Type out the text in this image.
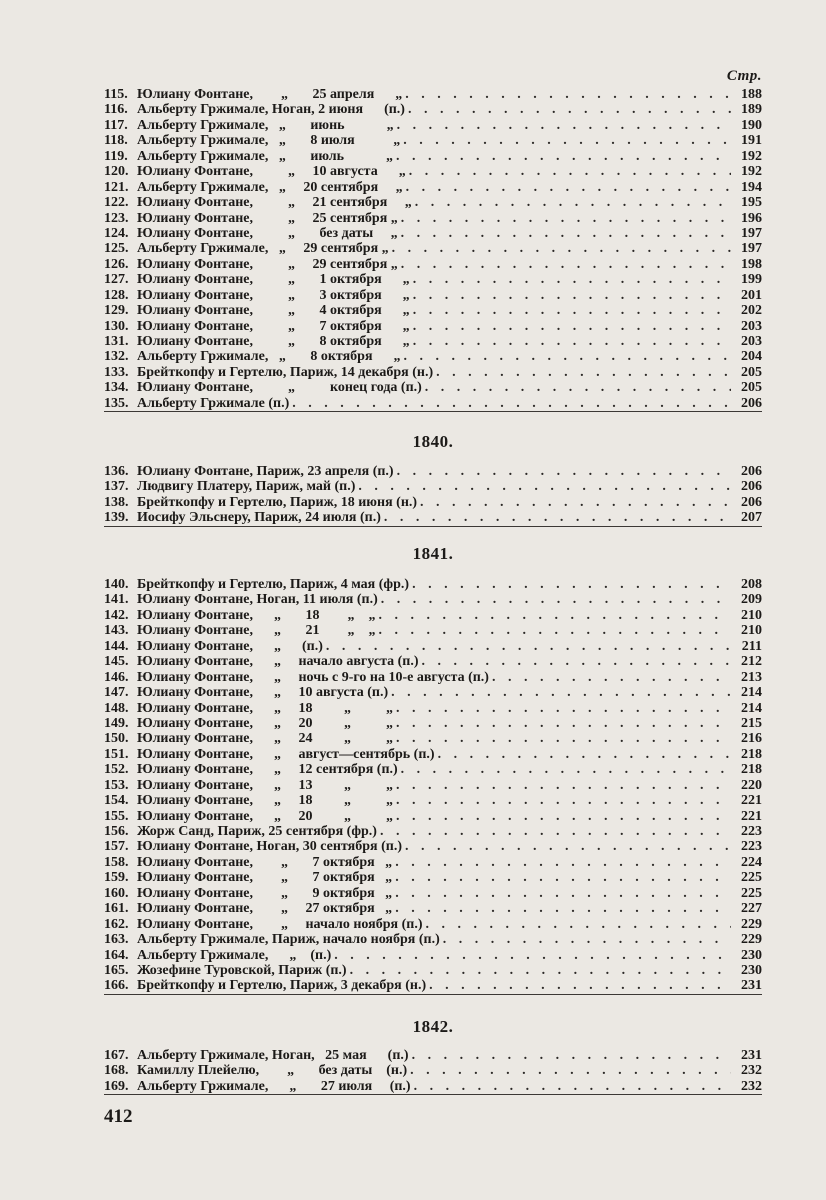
Стр.
115. Юлиану Фонтане,        „       25 апреля      „ . . .	188
116. Альберту Гржимале, Ноган, 2 июня      (п.) . . .	189
117. Альберту Гржимале,   „       июнь            „ . . .	190
118. Альберту Гржимале,   „       8 июля           „ . . .	191
119. Альберту Гржимале,   „       июль            „ . . .	192
120. Юлиану Фонтане,          „     10 августа      „ . . .	192
121. Альберту Гржимале,   „     20 сентября     „ . . .	194
122. Юлиану Фонтане,          „     21 сентября     „ . . .	195
123. Юлиану Фонтане,          „     25 сентября „ . . .	196
124. Юлиану Фонтане,          „       без даты     „ . . .	197
125. Альберту Гржимале,   „     29 сентября „ . . .	197
126. Юлиану Фонтане,          „     29 сентября „ . . .	198
127. Юлиану Фонтане,          „       1 октября      „ . . .	199
128. Юлиану Фонтане,          „       3 октября      „ . . .	201
129. Юлиану Фонтане,          „       4 октября      „ . . .	202
130. Юлиану Фонтане,          „       7 октября      „ . . .	203
131. Юлиану Фонтане,          „       8 октября      „ . . .	203
132. Альберту Гржимале,   „       8 октября      „ . . .	204
133. Брейткопфу и Гертелю, Париж, 14 декабря (н.) . . .	205
134. Юлиану Фонтане,          „          конец года (п.) . . .	205
135. Альберту Гржимале (п.) . . .	206
1840.
136. Юлиану Фонтане, Париж, 23 апреля (п.) . . .	206
137. Людвигу Платеру, Париж, май (п.) . . .	206
138. Брейткопфу и Гертелю, Париж, 18 июня (н.) . . .	206
139. Иосифу Эльснеру, Париж, 24 июля (п.) . . .	207
1841.
140. Брейткопфу и Гертелю, Париж, 4 мая (фр.) . . .	208
141. Юлиану Фонтане, Ноган, 11 июля (п.) . . .	209
142. Юлиану Фонтане,      „       18        „    „ . . .	210
143. Юлиану Фонтане,      „       21        „    „ . . .	210
144. Юлиану Фонтане,      „      (п.) . . .	211
145. Юлиану Фонтане,      „     начало августа (п.) . . .	212
146. Юлиану Фонтане,      „     ночь с 9-го на 10-е августа (п.) . . .	213
147. Юлиану Фонтане,      „     10 августа (п.) . . .	214
148. Юлиану Фонтане,      „     18         „          „ . . .	214
149. Юлиану Фонтане,      „     20         „          „ . . .	215
150. Юлиану Фонтане,      „     24         „          „ . . .	216
151. Юлиану Фонтане,      „     август—сентябрь (п.) . . .	218
152. Юлиану Фонтане,      „     12 сентября (п.) . . .	218
153. Юлиану Фонтане,      „     13         „          „ . . .	220
154. Юлиану Фонтане,      „     18         „          „ . . .	221
155. Юлиану Фонтане,      „     20         „          „ . . .	221
156. Жорж Санд, Париж, 25 сентября (фр.) . . .	223
157. Юлиану Фонтане, Ноган, 30 сентября (п.) . . .	223
158. Юлиану Фонтане,        „       7 октября   „ . . .	224
159. Юлиану Фонтане,        „       7 октября   „ . . .	225
160. Юлиану Фонтане,        „       9 октября   „ . . .	225
161. Юлиану Фонтане,        „     27 октября   „ . . .	227
162. Юлиану Фонтане,        „     начало ноября (п.) . . .	229
163. Альберту Гржимале, Париж, начало ноября (п.) . . .	229
164. Альберту Гржимале,      „    (п.) . . .	230
165. Жозефине Туровской, Париж (п.) . . .	230
166. Брейткопфу и Гертелю, Париж, 3 декабря (н.) . . .	231
1842.
167. Альберту Гржимале, Ноган,   25 мая      (п.) . . .	231
168. Камиллу Плейелю,        „       без даты    (н.) . . .	232
169. Альберту Гржимале,      „       27 июля     (п.) . . .	232
412
